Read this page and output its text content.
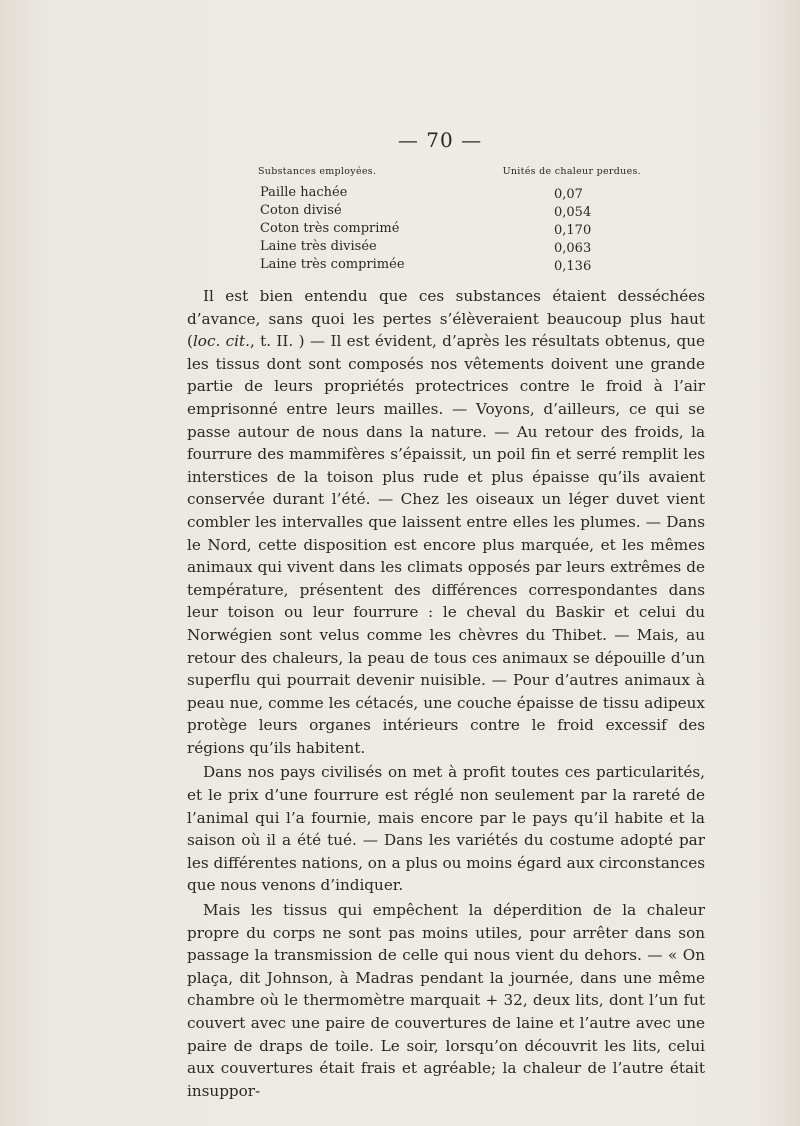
— 70 —
Substances employées.	Unités de chaleur perdues.
Paille hachée	0,07
Coton divisé	0,054
Coton très comprimé	0,170
Laine très divisée	0,063
Laine très comprimée	0,136

Il est bien entendu que ces substances étaient desséchées d’avance, sans quoi les pertes s’élèveraient beaucoup plus haut (loc. cit., t. II. ) — Il est évident, d’après les résultats obtenus, que les tissus dont sont composés nos vêtements doivent une grande partie de leurs propriétés protectrices contre le froid à l’air emprisonné entre leurs mailles. — Voyons, d’ailleurs, ce qui se passe autour de nous dans la nature. — Au retour des froids, la fourrure des mammifères s’épaissit, un poil fin et serré remplit les interstices de la toison plus rude et plus épaisse qu’ils avaient conservée durant l’été. — Chez les oiseaux un léger duvet vient combler les intervalles que laissent entre elles les plumes. — Dans le Nord, cette disposition est encore plus marquée, et les mêmes animaux qui vivent dans les climats opposés par leurs extrêmes de température, présentent des différences correspondantes dans leur toison ou leur fourrure : le cheval du Baskir et celui du Norwégien sont velus comme les chèvres du Thibet. — Mais, au retour des chaleurs, la peau de tous ces animaux se dépouille d’un superflu qui pourrait devenir nuisible. — Pour d’autres animaux à peau nue, comme les cétacés, une couche épaisse de tissu adipeux protège leurs organes intérieurs contre le froid excessif des régions qu’ils habitent.

Dans nos pays civilisés on met à profit toutes ces particularités, et le prix d’une fourrure est réglé non seulement par la rareté de l’animal qui l’a fournie, mais encore par le pays qu’il habite et la saison où il a été tué. — Dans les variétés du costume adopté par les différentes nations, on a plus ou moins égard aux circonstances que nous venons d’indiquer.

Mais les tissus qui empêchent la déperdition de la chaleur propre du corps ne sont pas moins utiles, pour arrêter dans son passage la transmission de celle qui nous vient du dehors. — « On plaça, dit Johnson, à Madras pendant la journée, dans une même chambre où le thermomètre marquait + 32, deux lits, dont l’un fut couvert avec une paire de couvertures de laine et l’autre avec une paire de draps de toile. Le soir, lorsqu’on découvrit les lits, celui aux couvertures était frais et agréable; la chaleur de l’autre était insuppor-
